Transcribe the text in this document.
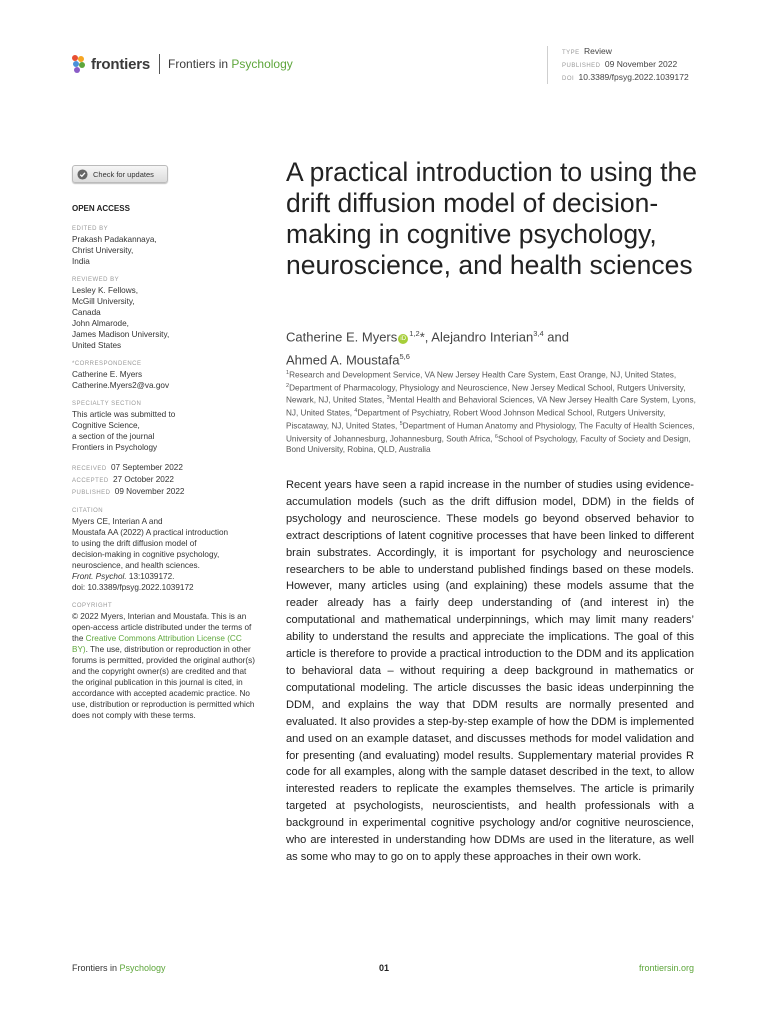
frontiers Frontiers in Psychology
TYPE Review
PUBLISHED 09 November 2022
DOI 10.3389/fpsyg.2022.1039172
Check for updates
OPEN ACCESS
EDITED BY
Prakash Padakannaya,
Christ University,
India
REVIEWED BY
Lesley K. Fellows,
McGill University,
Canada
John Almarode,
James Madison University,
United States
*CORRESPONDENCE
Catherine E. Myers
Catherine.Myers2@va.gov
SPECIALTY SECTION
This article was submitted to
Cognitive Science,
a section of the journal
Frontiers in Psychology
RECEIVED 07 September 2022
ACCEPTED 27 October 2022
PUBLISHED 09 November 2022
CITATION
Myers CE, Interian A and
Moustafa AA (2022) A practical introduction
to using the drift diffusion model of
decision-making in cognitive psychology,
neuroscience, and health sciences.
Front. Psychol. 13:1039172.
doi: 10.3389/fpsyg.2022.1039172
COPYRIGHT
© 2022 Myers, Interian and Moustafa. This is an open-access article distributed under the terms of the Creative Commons Attribution License (CC BY). The use, distribution or reproduction in other forums is permitted, provided the original author(s) and the copyright owner(s) are credited and that the original publication in this journal is cited, in accordance with accepted academic practice. No use, distribution or reproduction is permitted which does not comply with these terms.
A practical introduction to using the drift diffusion model of decision-making in cognitive psychology, neuroscience, and health sciences
Catherine E. Myers iD$^{1,2}$*, Alejandro Interian$^{3,4}$ and
Ahmed A. Moustafa$^{5,6}$
$^1$Research and Development Service, VA New Jersey Health Care System, East Orange, NJ, United States, $^2$Department of Pharmacology, Physiology and Neuroscience, New Jersey Medical School, Rutgers University, Newark, NJ, United States, $^3$Mental Health and Behavioral Sciences, VA New Jersey Health Care System, Lyons, NJ, United States, $^4$Department of Psychiatry, Robert Wood Johnson Medical School, Rutgers University, Piscataway, NJ, United States, $^5$Department of Human Anatomy and Physiology, The Faculty of Health Sciences, University of Johannesburg, Johannesburg, South Africa, $^6$School of Psychology, Faculty of Society and Design, Bond University, Robina, QLD, Australia

Recent years have seen a rapid increase in the number of studies using evidence-accumulation models (such as the drift diffusion model, DDM) in the fields of psychology and neuroscience. These models go beyond observed behavior to extract descriptions of latent cognitive processes that have been linked to different brain substrates. Accordingly, it is important for psychology and neuroscience researchers to be able to understand published findings based on these models. However, many articles using (and explaining) these models assume that the reader already has a fairly deep understanding of (and interest in) the computational and mathematical underpinnings, which may limit many readers’ ability to understand the results and appreciate the implications. The goal of this article is therefore to provide a practical introduction to the DDM and its application to behavioral data – without requiring a deep background in mathematics or computational modeling. The article discusses the basic ideas underpinning the DDM, and explains the way that DDM results are normally presented and evaluated. It also provides a step-by-step example of how the DDM is implemented and used on an example dataset, and discusses methods for model validation and for presenting (and evaluating) model results. Supplementary material provides R code for all examples, along with the sample dataset described in the text, to allow interested readers to replicate the examples themselves. The article is primarily targeted at psychologists, neuroscientists, and health professionals with a background in experimental cognitive psychology and/or cognitive neuroscience, who are interested in understanding how DDMs are used in the literature, as well as some who may to go on to apply these approaches in their own work.

Frontiers in Psychology	01	frontiersin.org
